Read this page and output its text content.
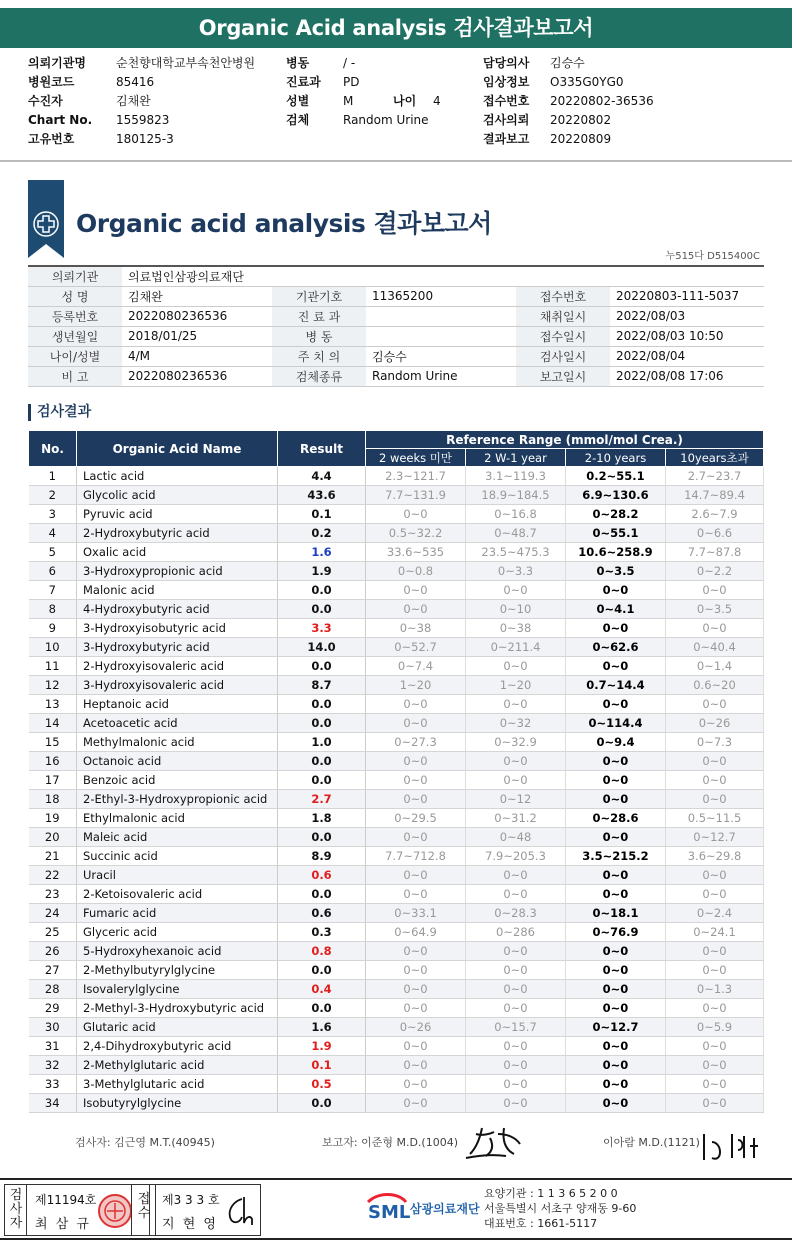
Organic Acid analysis 검사결과보고서
의뢰기관명	순천향대학교부속천안병원
병원코드	85416
수진자	김채완
Chart No.	1559823
고유번호	180125-3
병동	/ -
진료과	PD
성별	M	나이	4
검체	Random Urine
담당의사	김승수
임상정보	O335G0YG0
접수번호	20220802-36536
검사의뢰	20220802
결과보고	20220809
Organic acid analysis 결과보고서
누515다 D515400C
의뢰기관	의료법인삼광의료재단				
성 명	김채완	기관기호	11365200	접수번호	20220803-111-5037
등록번호	2022080236536	진 료 과		채취일시	2022/08/03
생년월일	2018/01/25	병 동		접수일시	2022/08/03 10:50
나이/성별	4/M	주 치 의	김승수	검사일시	2022/08/04
비 고	2022080236536	검체종류	Random Urine	보고일시	2022/08/08 17:06
검사결과
No.	Organic Acid Name	Result	Reference Range (mmol/mol Crea.)			
			2 weeks 미만	2 W-1 year	2-10 years	10years초과
1	Lactic acid	4.4	2.3~121.7	3.1~119.3	0.2~55.1	2.7~23.7
2	Glycolic acid	43.6	7.7~131.9	18.9~184.5	6.9~130.6	14.7~89.4
3	Pyruvic acid	0.1	0~0	0~16.8	0~28.2	2.6~7.9
4	2-Hydroxybutyric acid	0.2	0.5~32.2	0~48.7	0~55.1	0~6.6
5	Oxalic acid	1.6	33.6~535	23.5~475.3	10.6~258.9	7.7~87.8
6	3-Hydroxypropionic acid	1.9	0~0.8	0~3.3	0~3.5	0~2.2
7	Malonic acid	0.0	0~0	0~0	0~0	0~0
8	4-Hydroxybutyric acid	0.0	0~0	0~10	0~4.1	0~3.5
9	3-Hydroxyisobutyric acid	3.3	0~38	0~38	0~0	0~0
10	3-Hydroxybutyric acid	14.0	0~52.7	0~211.4	0~62.6	0~40.4
11	2-Hydroxyisovaleric acid	0.0	0~7.4	0~0	0~0	0~1.4
12	3-Hydroxyisovaleric acid	8.7	1~20	1~20	0.7~14.4	0.6~20
13	Heptanoic acid	0.0	0~0	0~0	0~0	0~0
14	Acetoacetic acid	0.0	0~0	0~32	0~114.4	0~26
15	Methylmalonic acid	1.0	0~27.3	0~32.9	0~9.4	0~7.3
16	Octanoic acid	0.0	0~0	0~0	0~0	0~0
17	Benzoic acid	0.0	0~0	0~0	0~0	0~0
18	2-Ethyl-3-Hydroxypropionic acid	2.7	0~0	0~12	0~0	0~0
19	Ethylmalonic acid	1.8	0~29.5	0~31.2	0~28.6	0.5~11.5
20	Maleic acid	0.0	0~0	0~48	0~0	0~12.7
21	Succinic acid	8.9	7.7~712.8	7.9~205.3	3.5~215.2	3.6~29.8
22	Uracil	0.6	0~0	0~0	0~0	0~0
23	2-Ketoisovaleric acid	0.0	0~0	0~0	0~0	0~0
24	Fumaric acid	0.6	0~33.1	0~28.3	0~18.1	0~2.4
25	Glyceric acid	0.3	0~64.9	0~286	0~76.9	0~24.1
26	5-Hydroxyhexanoic acid	0.8	0~0	0~0	0~0	0~0
27	2-Methylbutyrylglycine	0.0	0~0	0~0	0~0	0~0
28	Isovalerylglycine	0.4	0~0	0~0	0~0	0~1.3
29	2-Methyl-3-Hydroxybutyric acid	0.0	0~0	0~0	0~0	0~0
30	Glutaric acid	1.6	0~26	0~15.7	0~12.7	0~5.9
31	2,4-Dihydroxybutyric acid	1.9	0~0	0~0	0~0	0~0
32	2-Methylglutaric acid	0.1	0~0	0~0	0~0	0~0
33	3-Methylglutaric acid	0.5	0~0	0~0	0~0	0~0
34	Isobutyrylglycine	0.0	0~0	0~0	0~0	0~0
검사자: 김근영 M.T.(40945)	보고자: 이준형 M.D.(1004)	이아람 M.D.(1121)
검사자
제11194호
최 삼 규
접수
제3 3 3 호
지 현 영
SML 삼광의료재단
요양기관 : 1 1 3 6 5 2 0 0
서울특별시 서초구 양재동 9-60
대표번호 : 1661-5117
